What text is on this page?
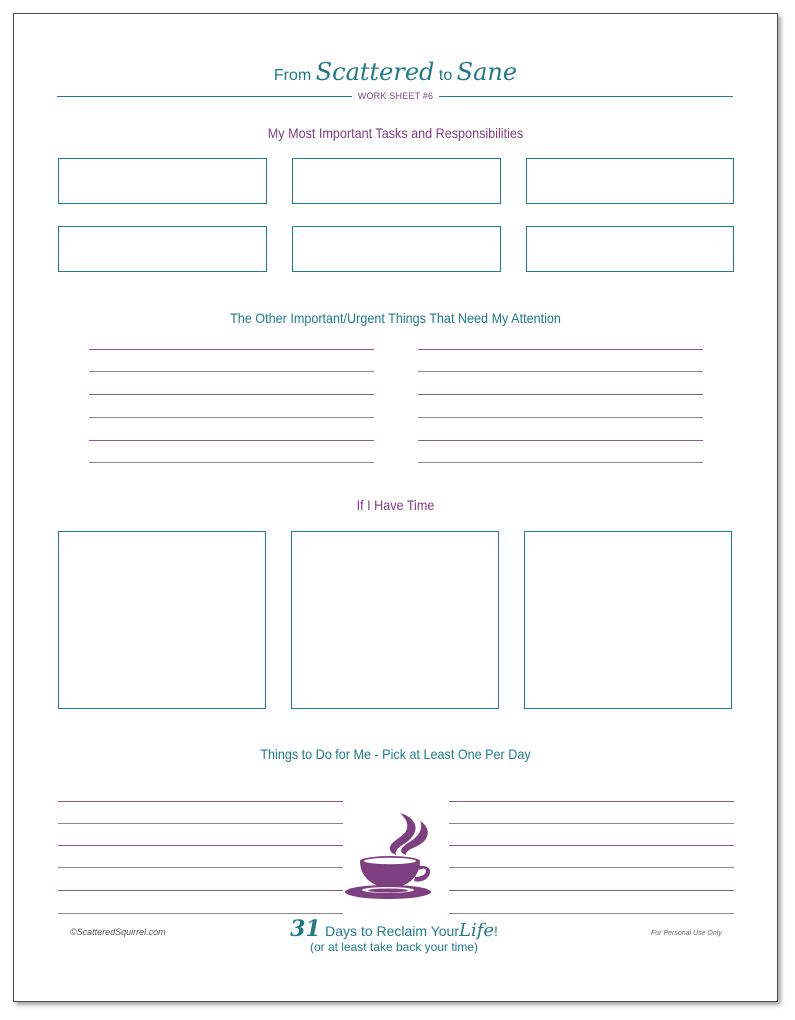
From Scattered to Sane
WORK SHEET #6
My Most Important Tasks and Responsibilities
The Other Important/Urgent Things That Need My Attention
If I Have Time
Things to Do for Me - Pick at Least One Per Day
©ScatteredSquirrel.com	31 Days to Reclaim YourLife!
(or at least take back your time)
For Personal Use Only
